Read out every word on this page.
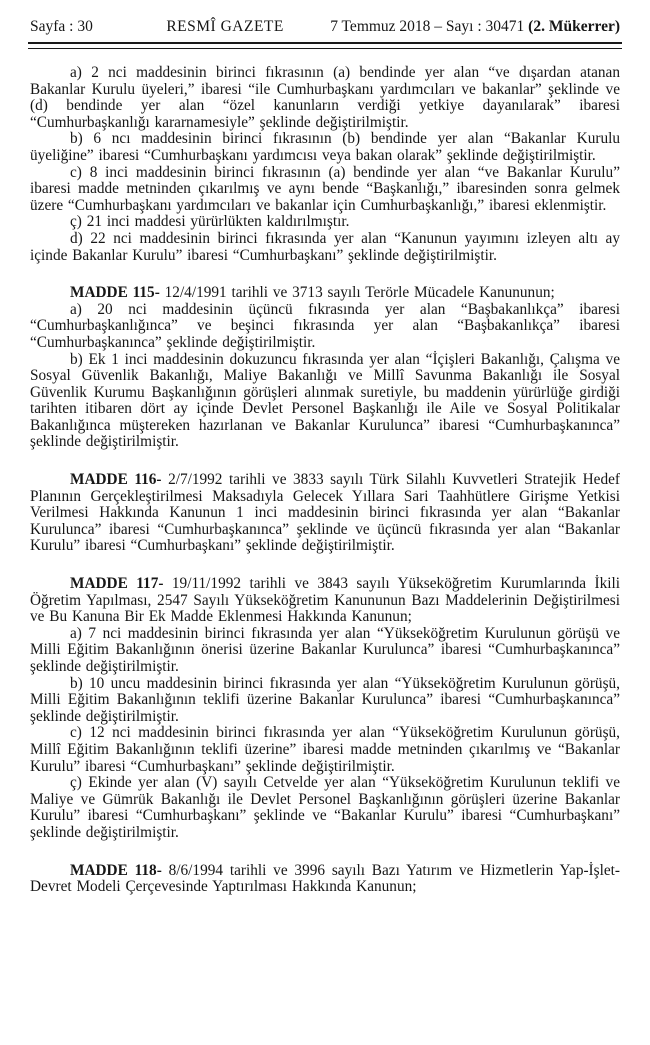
Sayfa : 30	RESMÎ GAZETE	7 Temmuz 2018 – Sayı : 30471 (2. Mükerrer)

a) 2 nci maddesinin birinci fıkrasının (a) bendinde yer alan “ve dışardan atanan Bakanlar Kurulu üyeleri,” ibaresi “ile Cumhurbaşkanı yardımcıları ve bakanlar” şeklinde ve (d) bendinde yer alan “özel kanunların verdiği yetkiye dayanılarak” ibaresi “Cumhurbaşkanlığı kararnamesiyle” şeklinde değiştirilmiştir.

b) 6 ncı maddesinin birinci fıkrasının (b) bendinde yer alan “Bakanlar Kurulu üyeliğine” ibaresi “Cumhurbaşkanı yardımcısı veya bakan olarak” şeklinde değiştirilmiştir.

c) 8 inci maddesinin birinci fıkrasının (a) bendinde yer alan “ve Bakanlar Kurulu” ibaresi madde metninden çıkarılmış ve aynı bende “Başkanlığı,” ibaresinden sonra gelmek üzere “Cumhurbaşkanı yardımcıları ve bakanlar için Cumhurbaşkanlığı,” ibaresi eklenmiştir.

ç) 21 inci maddesi yürürlükten kaldırılmıştır.

d) 22 nci maddesinin birinci fıkrasında yer alan “Kanunun yayımını izleyen altı ay içinde Bakanlar Kurulu” ibaresi “Cumhurbaşkanı” şeklinde değiştirilmiştir.

MADDE 115- 12/4/1991 tarihli ve 3713 sayılı Terörle Mücadele Kanununun;

a) 20 nci maddesinin üçüncü fıkrasında yer alan “Başbakanlıkça” ibaresi “Cumhurbaşkanlığınca” ve beşinci fıkrasında yer alan “Başbakanlıkça” ibaresi “Cumhurbaşkanınca” şeklinde değiştirilmiştir.

b) Ek 1 inci maddesinin dokuzuncu fıkrasında yer alan “İçişleri Bakanlığı, Çalışma ve Sosyal Güvenlik Bakanlığı, Maliye Bakanlığı ve Millî Savunma Bakanlığı ile Sosyal Güvenlik Kurumu Başkanlığının görüşleri alınmak suretiyle, bu maddenin yürürlüğe girdiği tarihten itibaren dört ay içinde Devlet Personel Başkanlığı ile Aile ve Sosyal Politikalar Bakanlığınca müştereken hazırlanan ve Bakanlar Kurulunca” ibaresi “Cumhurbaşkanınca” şeklinde değiştirilmiştir.

MADDE 116- 2/7/1992 tarihli ve 3833 sayılı Türk Silahlı Kuvvetleri Stratejik Hedef Planının Gerçekleştirilmesi Maksadıyla Gelecek Yıllara Sari Taahhütlere Girişme Yetkisi Verilmesi Hakkında Kanunun 1 inci maddesinin birinci fıkrasında yer alan “Bakanlar Kurulunca” ibaresi “Cumhurbaşkanınca” şeklinde ve üçüncü fıkrasında yer alan “Bakanlar Kurulu” ibaresi “Cumhurbaşkanı” şeklinde değiştirilmiştir.

MADDE 117- 19/11/1992 tarihli ve 3843 sayılı Yükseköğretim Kurumlarında İkili Öğretim Yapılması, 2547 Sayılı Yükseköğretim Kanununun Bazı Maddelerinin Değiştirilmesi ve Bu Kanuna Bir Ek Madde Eklenmesi Hakkında Kanunun;

a) 7 nci maddesinin birinci fıkrasında yer alan “Yükseköğretim Kurulunun görüşü ve Milli Eğitim Bakanlığının önerisi üzerine Bakanlar Kurulunca” ibaresi “Cumhurbaşkanınca” şeklinde değiştirilmiştir.

b) 10 uncu maddesinin birinci fıkrasında yer alan “Yükseköğretim Kurulunun görüşü, Milli Eğitim Bakanlığının teklifi üzerine Bakanlar Kurulunca” ibaresi “Cumhurbaşkanınca” şeklinde değiştirilmiştir.

c) 12 nci maddesinin birinci fıkrasında yer alan “Yükseköğretim Kurulunun görüşü, Millî Eğitim Bakanlığının teklifi üzerine” ibaresi madde metninden çıkarılmış ve “Bakanlar Kurulu” ibaresi “Cumhurbaşkanı” şeklinde değiştirilmiştir.

ç) Ekinde yer alan (V) sayılı Cetvelde yer alan “Yükseköğretim Kurulunun teklifi ve Maliye ve Gümrük Bakanlığı ile Devlet Personel Başkanlığının görüşleri üzerine Bakanlar Kurulu” ibaresi “Cumhurbaşkanı” şeklinde ve “Bakanlar Kurulu” ibaresi “Cumhurbaşkanı” şeklinde değiştirilmiştir.

MADDE 118- 8/6/1994 tarihli ve 3996 sayılı Bazı Yatırım ve Hizmetlerin Yap-İşlet-Devret Modeli Çerçevesinde Yaptırılması Hakkında Kanunun;
